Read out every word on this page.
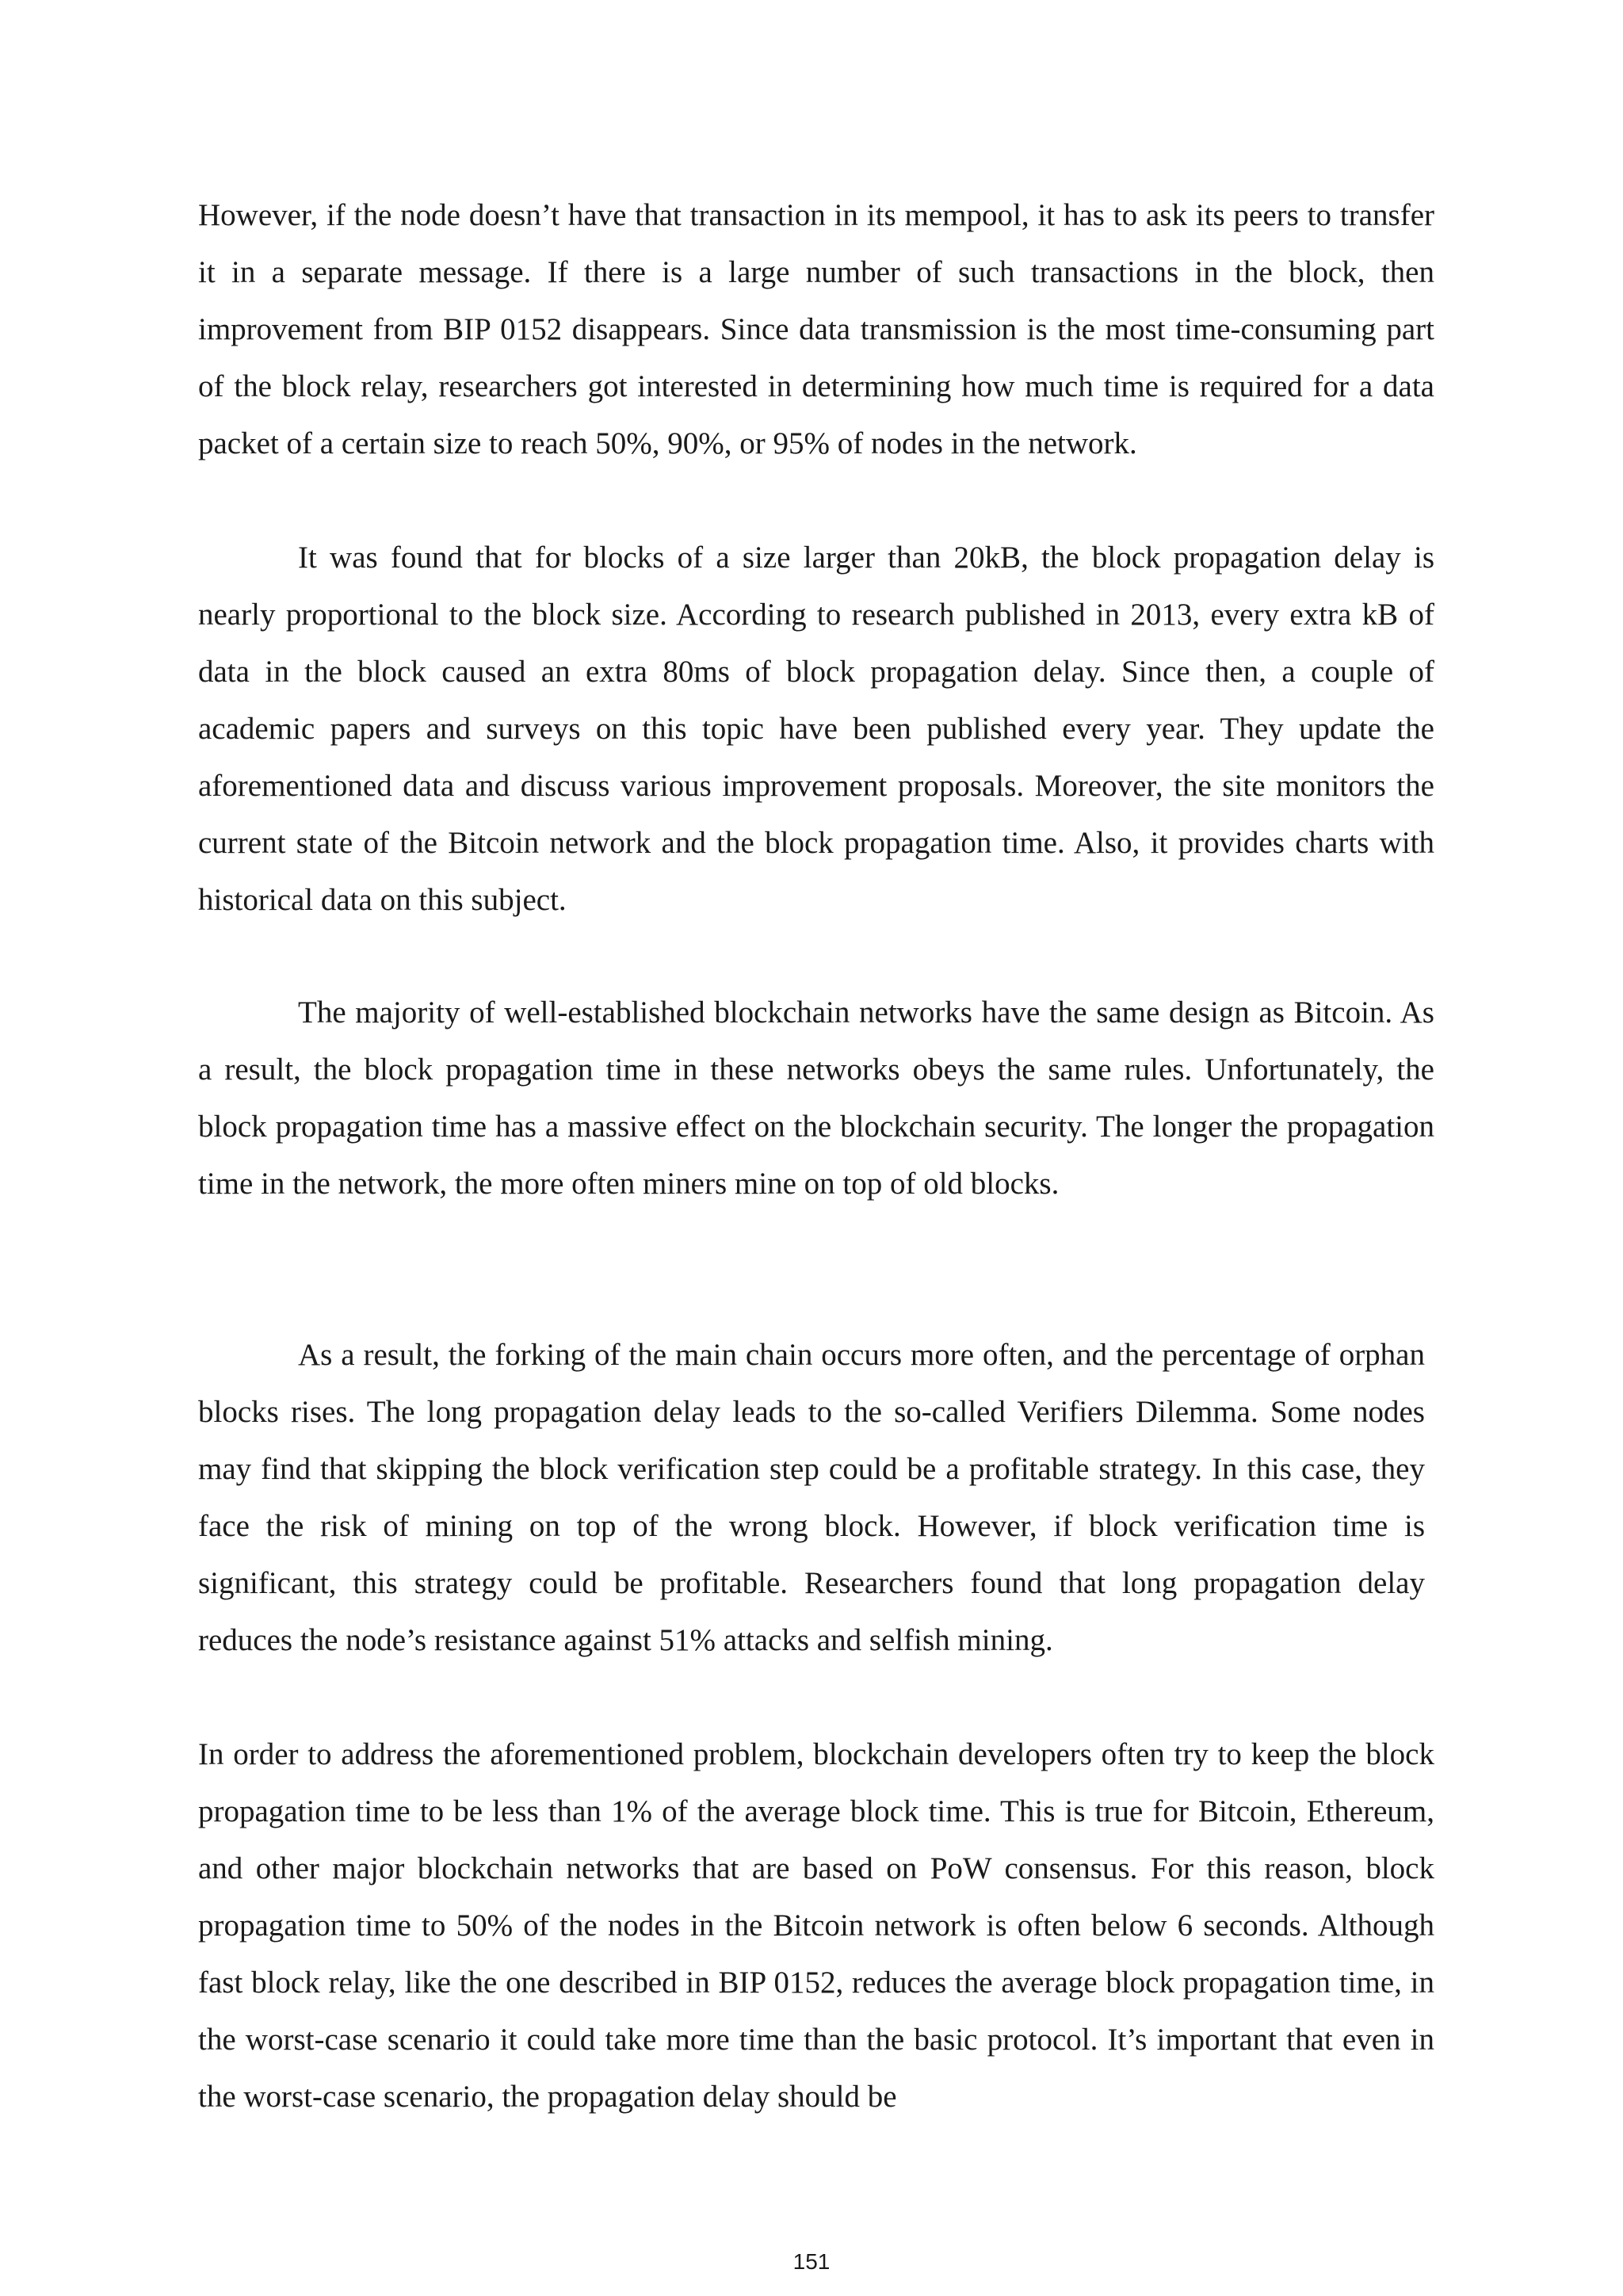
However, if the node doesn’t have that transaction in its mempool, it has to ask its peers to transfer it in a separate message. If there is a large number of such transactions in the block, then improvement from BIP 0152 disappears. Since data transmission is the most time-consuming part of the block relay, researchers got interested in determining how much time is required for a data packet of a certain size to reach 50%, 90%, or 95% of nodes in the network.

It was found that for blocks of a size larger than 20kB, the block propagation delay is nearly proportional to the block size. According to research published in 2013, every extra kB of data in the block caused an extra 80ms of block propagation delay. Since then, a couple of academic papers and surveys on this topic have been published every year. They update the aforementioned data and discuss various improvement proposals. Moreover, the site monitors the current state of the Bitcoin network and the block propagation time. Also, it provides charts with historical data on this subject.

The majority of well-established blockchain networks have the same design as Bitcoin. As a result, the block propagation time in these networks obeys the same rules. Unfortunately, the block propagation time has a massive effect on the blockchain security. The longer the propagation time in the network, the more often miners mine on top of old blocks.

As a result, the forking of the main chain occurs more often, and the percentage of orphan blocks rises. The long propagation delay leads to the so-called Verifiers Dilemma. Some nodes may find that skipping the block verification step could be a profitable strategy. In this case, they face the risk of mining on top of the wrong block. However, if block verification time is significant, this strategy could be profitable. Researchers found that long propagation delay reduces the node’s resistance against 51% attacks and selfish mining.

In order to address the aforementioned problem, blockchain developers often try to keep the block propagation time to be less than 1% of the average block time. This is true for Bitcoin, Ethereum, and other major blockchain networks that are based on PoW consensus. For this reason, block propagation time to 50% of the nodes in the Bitcoin network is often below 6 seconds. Although fast block relay, like the one described in BIP 0152, reduces the average block propagation time, in the worst-case scenario it could take more time than the basic protocol. It’s important that even in the worst-case scenario, the propagation delay should be

151
